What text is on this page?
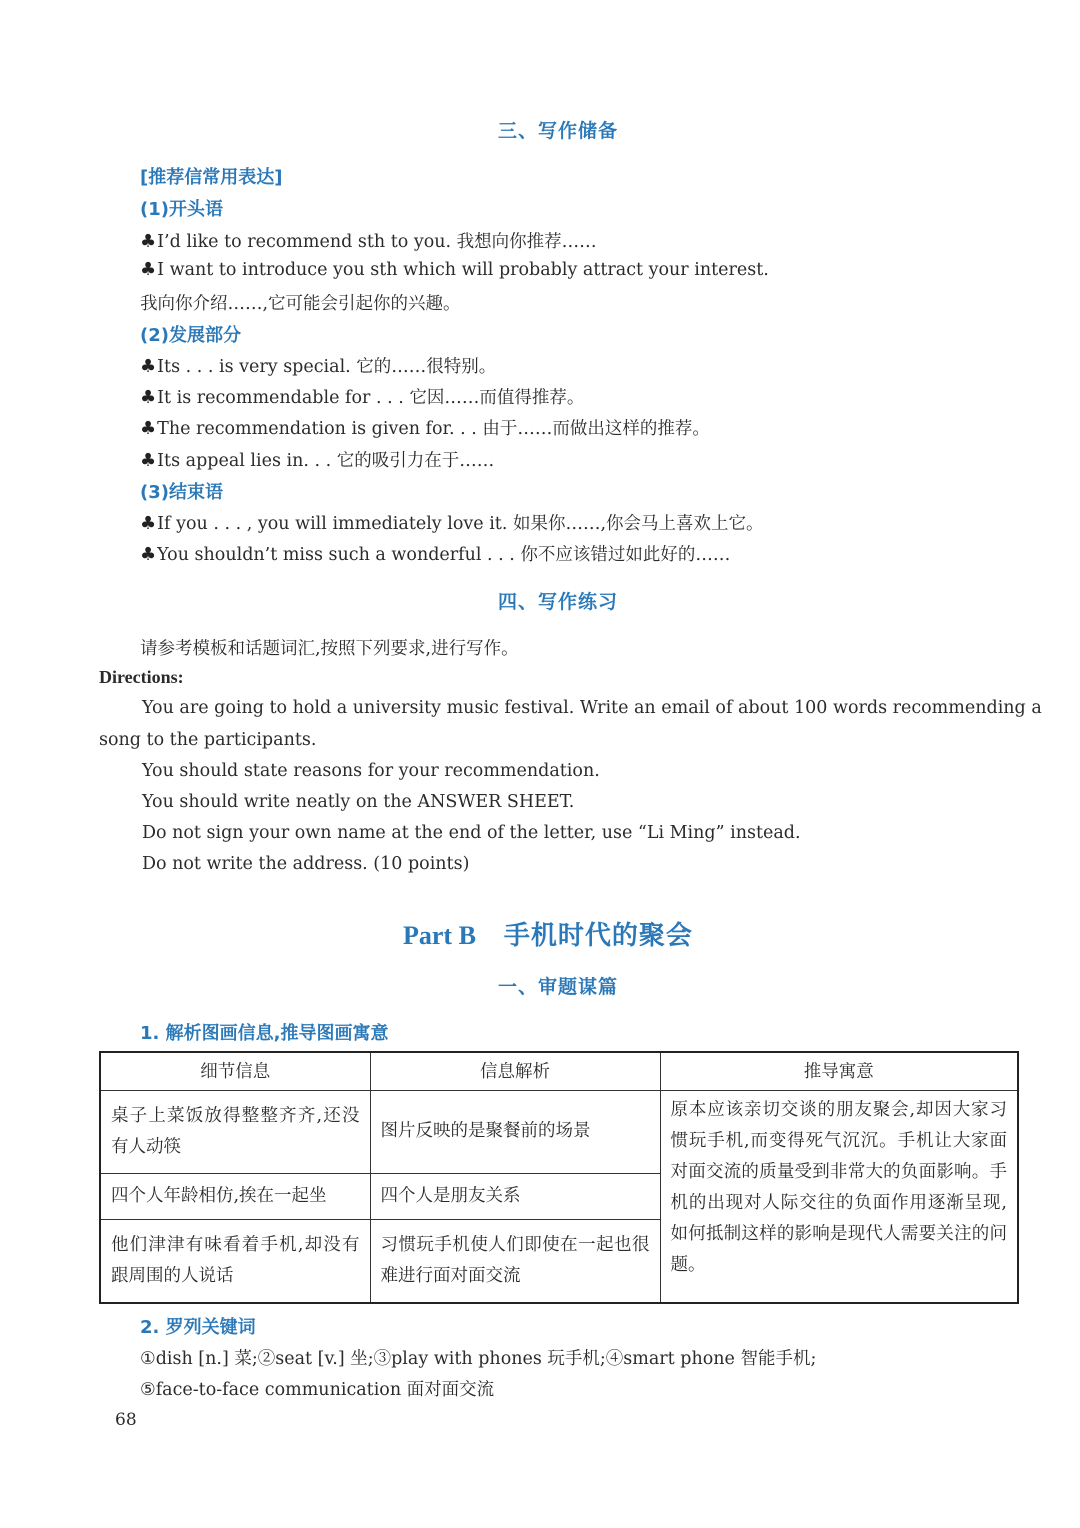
三、写作储备
[推荐信常用表达]
(1)开头语
♣I’d like to recommend sth to you. 我想向你推荐……
♣I want to introduce you sth which will probably attract your interest.
我向你介绍……,它可能会引起你的兴趣。
(2)发展部分
♣Its . . . is very special. 它的……很特别。
♣It is recommendable for . . . 它因……而值得推荐。
♣The recommendation is given for. . . 由于……而做出这样的推荐。
♣Its appeal lies in. . . 它的吸引力在于……
(3)结束语
♣If you . . . , you will immediately love it. 如果你……,你会马上喜欢上它。
♣You shouldn’t miss such a wonderful . . . 你不应该错过如此好的……
四、写作练习
请参考模板和话题词汇,按照下列要求,进行写作。
Directions:
You are going to hold a university music festival. Write an email of about 100 words recommending a
song to the participants.
You should state reasons for your recommendation.
You should write neatly on the ANSWER SHEET.
Do not sign your own name at the end of the letter, use “Li Ming” instead.
Do not write the address. (10 points)
Part B 手机时代的聚会
一、审题谋篇
1. 解析图画信息,推导图画寓意
细节信息	信息解析	推导寓意
桌子上菜饭放得整整齐齐,还没有人动筷	图片反映的是聚餐前的场景	原本应该亲切交谈的朋友聚会,却因大家习惯玩手机,而变得死气沉沉。手机让大家面对面交流的质量受到非常大的负面影响。手机的出现对人际交往的负面作用逐渐呈现,如何抵制这样的影响是现代人需要关注的问题。
四个人年龄相仿,挨在一起坐	四个人是朋友关系	
他们津津有味看着手机,却没有跟周围的人说话	习惯玩手机使人们即使在一起也很难进行面对面交流	
2. 罗列关键词
①dish [n.] 菜;②seat [v.] 坐;③play with phones 玩手机;④smart phone 智能手机;
⑤face-to-face communication 面对面交流
68
